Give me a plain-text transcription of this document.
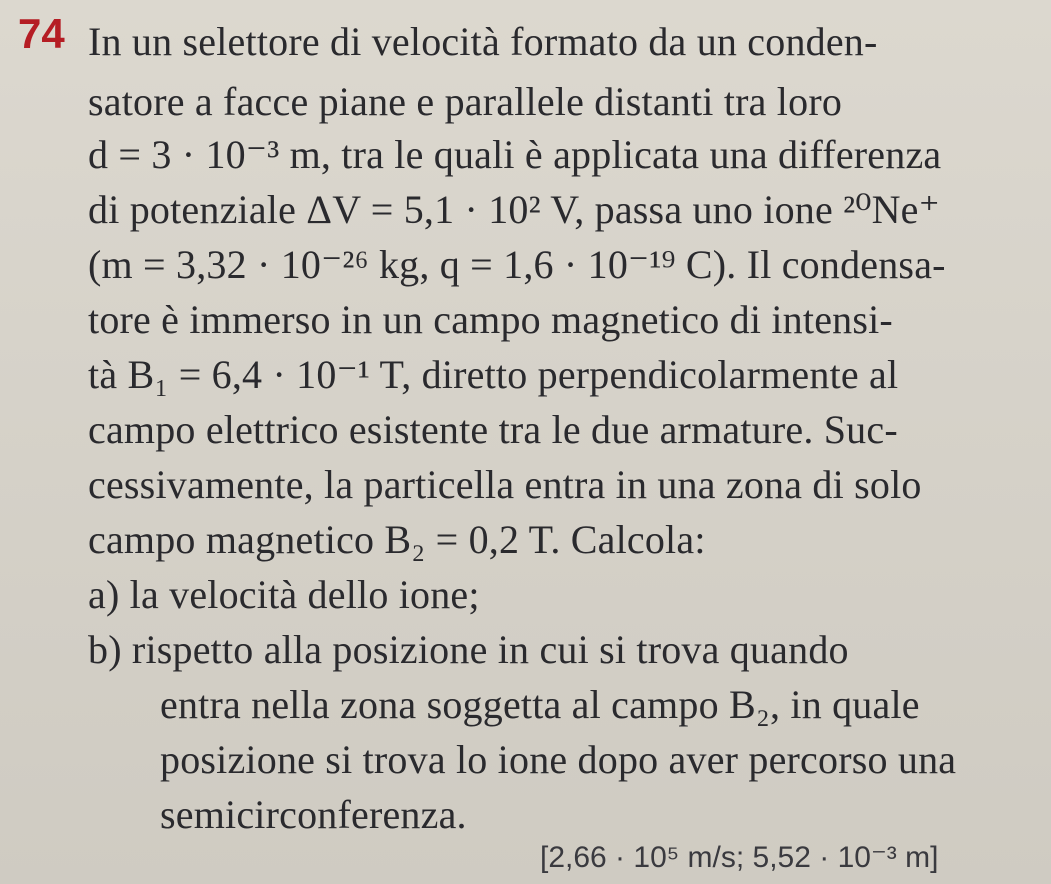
74 In un selettore di velocità formato da un conden-
satore a facce piane e parallele distanti tra loro
d = 3 · 10⁻³ m, tra le quali è applicata una differenza
di potenziale ΔV = 5,1 · 10² V, passa uno ione ²⁰Ne⁺
(m = 3,32 · 10⁻²⁶ kg, q = 1,6 · 10⁻¹⁹ C). Il condensa-
tore è immerso in un campo magnetico di intensi-
tà B₁ = 6,4 · 10⁻¹ T, diretto perpendicolarmente al
campo elettrico esistente tra le due armature. Suc-
cessivamente, la particella entra in una zona di solo
campo magnetico B₂ = 0,2 T. Calcola:
a) la velocità dello ione;
b) rispetto alla posizione in cui si trova quando
entra nella zona soggetta al campo B₂, in quale
posizione si trova lo ione dopo aver percorso una
semicirconferenza.
[2,66 · 10⁵ m/s; 5,52 · 10⁻³ m]
